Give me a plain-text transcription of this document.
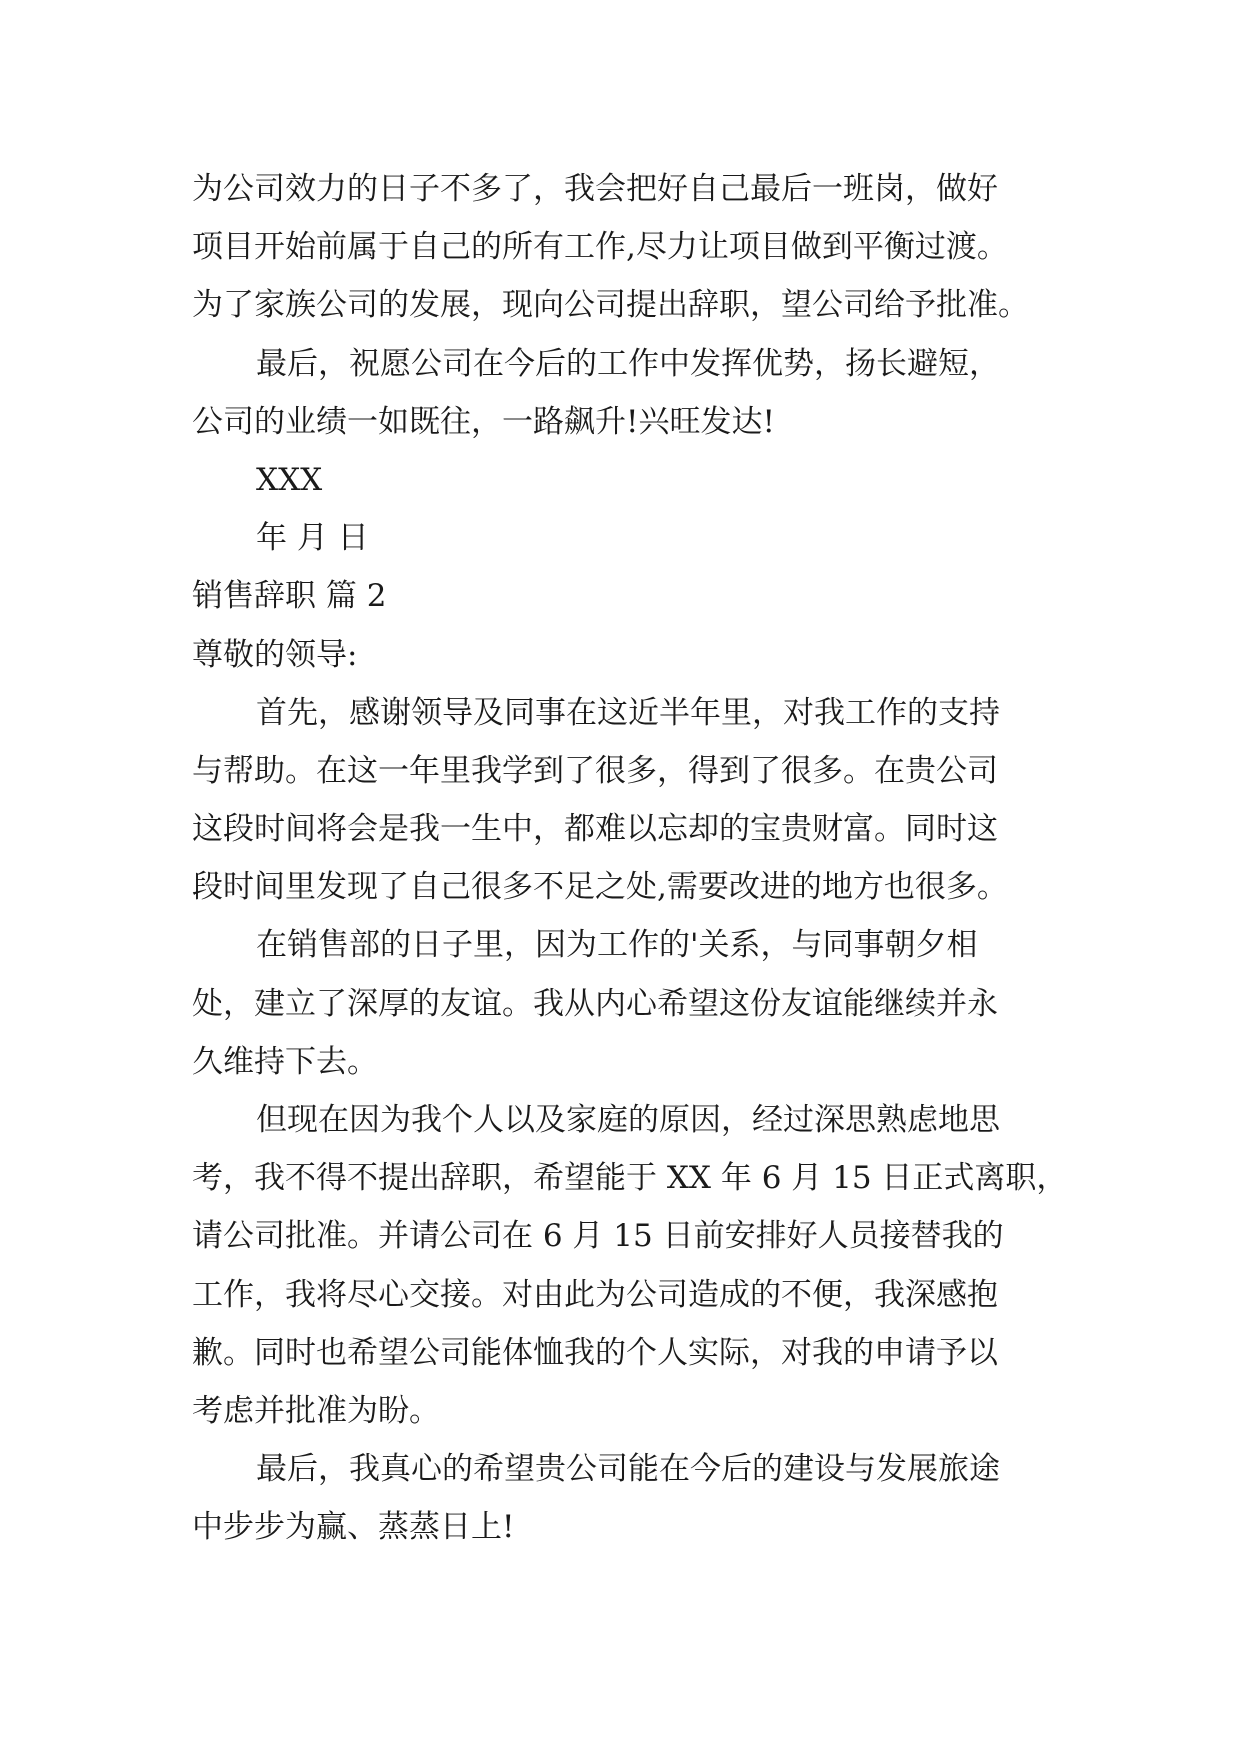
为公司效力的日子不多了，我会把好自己最后一班岗，做好
项目开始前属于自己的所有工作,尽力让项目做到平衡过渡。
为了家族公司的发展，现向公司提出辞职，望公司给予批准。
最后，祝愿公司在今后的工作中发挥优势，扬长避短，
公司的业绩一如既往，一路飙升!兴旺发达!
XXX
年 月 日
销售辞职 篇 2
尊敬的领导:
首先，感谢领导及同事在这近半年里，对我工作的支持
与帮助。在这一年里我学到了很多，得到了很多。在贵公司
这段时间将会是我一生中，都难以忘却的宝贵财富。同时这
段时间里发现了自己很多不足之处,需要改进的地方也很多。
在销售部的日子里，因为工作的'关系，与同事朝夕相
处，建立了深厚的友谊。我从内心希望这份友谊能继续并永
久维持下去。
但现在因为我个人以及家庭的原因，经过深思熟虑地思
考，我不得不提出辞职，希望能于 XX 年 6 月 15 日正式离职，
请公司批准。并请公司在 6 月 15 日前安排好人员接替我的
工作，我将尽心交接。对由此为公司造成的不便，我深感抱
歉。同时也希望公司能体恤我的个人实际，对我的申请予以
考虑并批准为盼。
最后，我真心的希望贵公司能在今后的建设与发展旅途
中步步为赢、蒸蒸日上!
